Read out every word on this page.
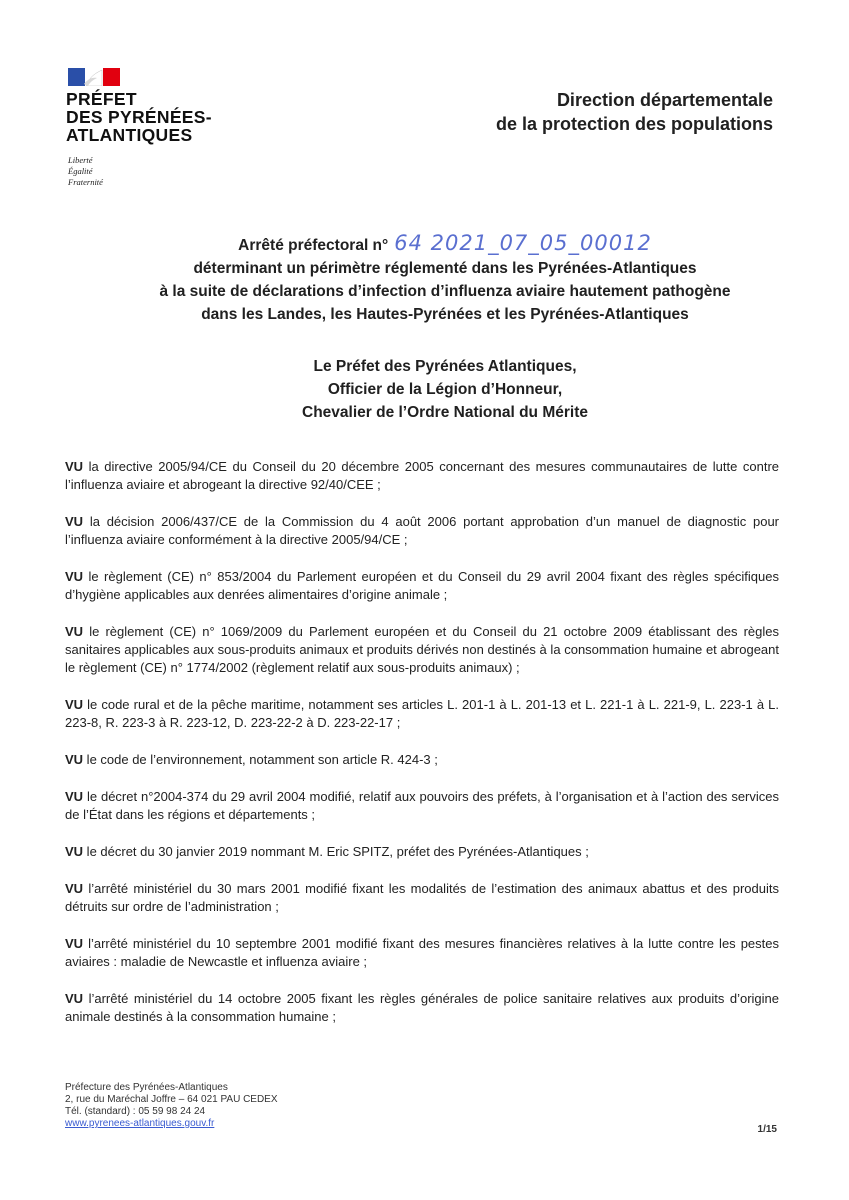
PRÉFET
DES PYRÉNÉES-
ATLANTIQUES
Liberté
Égalité
Fraternité
Direction départementale
de la protection des populations
Arrêté préfectoral n° 64 2021_07_05_00012
déterminant un périmètre réglementé dans les Pyrénées-Atlantiques
à la suite de déclarations d’infection d’influenza aviaire hautement pathogène
dans les Landes, les Hautes-Pyrénées et les Pyrénées-Atlantiques
Le Préfet des Pyrénées Atlantiques,
Officier de la Légion d’Honneur,
Chevalier de l’Ordre National du Mérite

VU la directive 2005/94/CE du Conseil du 20 décembre 2005 concernant des mesures communautaires de lutte contre l’influenza aviaire et abrogeant la directive 92/40/CEE ;

VU la décision 2006/437/CE de la Commission du 4 août 2006 portant approbation d’un manuel de diagnostic pour l’influenza aviaire conformément à la directive 2005/94/CE ;

VU le règlement (CE) n° 853/2004 du Parlement européen et du Conseil du 29 avril 2004 fixant des règles spécifiques d’hygiène applicables aux denrées alimentaires d’origine animale ;

VU le règlement (CE) n° 1069/2009 du Parlement européen et du Conseil du 21 octobre 2009 établissant des règles sanitaires applicables aux sous-produits animaux et produits dérivés non destinés à la consommation humaine et abrogeant le règlement (CE) n° 1774/2002 (règlement relatif aux sous-produits animaux) ;

VU le code rural et de la pêche maritime, notamment ses articles L. 201-1 à L. 201-13 et L. 221-1 à L. 221-9, L. 223-1 à L. 223-8, R. 223-3 à R. 223-12, D. 223-22-2 à D. 223-22-17 ;

VU le code de l’environnement, notamment son article R. 424-3 ;

VU le décret n°2004-374 du 29 avril 2004 modifié, relatif aux pouvoirs des préfets, à l’organisation et à l’action des services de l’État dans les régions et départements ;

VU le décret du 30 janvier 2019 nommant M. Eric SPITZ, préfet des Pyrénées-Atlantiques ;

VU l’arrêté ministériel du 30 mars 2001 modifié fixant les modalités de l’estimation des animaux abattus et des produits détruits sur ordre de l’administration ;

VU l’arrêté ministériel du 10 septembre 2001 modifié fixant des mesures financières relatives à la lutte contre les pestes aviaires : maladie de Newcastle et influenza aviaire ;

VU l’arrêté ministériel du 14 octobre 2005 fixant les règles générales de police sanitaire relatives aux produits d’origine animale destinés à la consommation humaine ;

Préfecture des Pyrénées-Atlantiques
2, rue du Maréchal Joffre – 64 021 PAU CEDEX
Tél. (standard) : 05 59 98 24 24
www.pyrenees-atlantiques.gouv.fr
1/15
